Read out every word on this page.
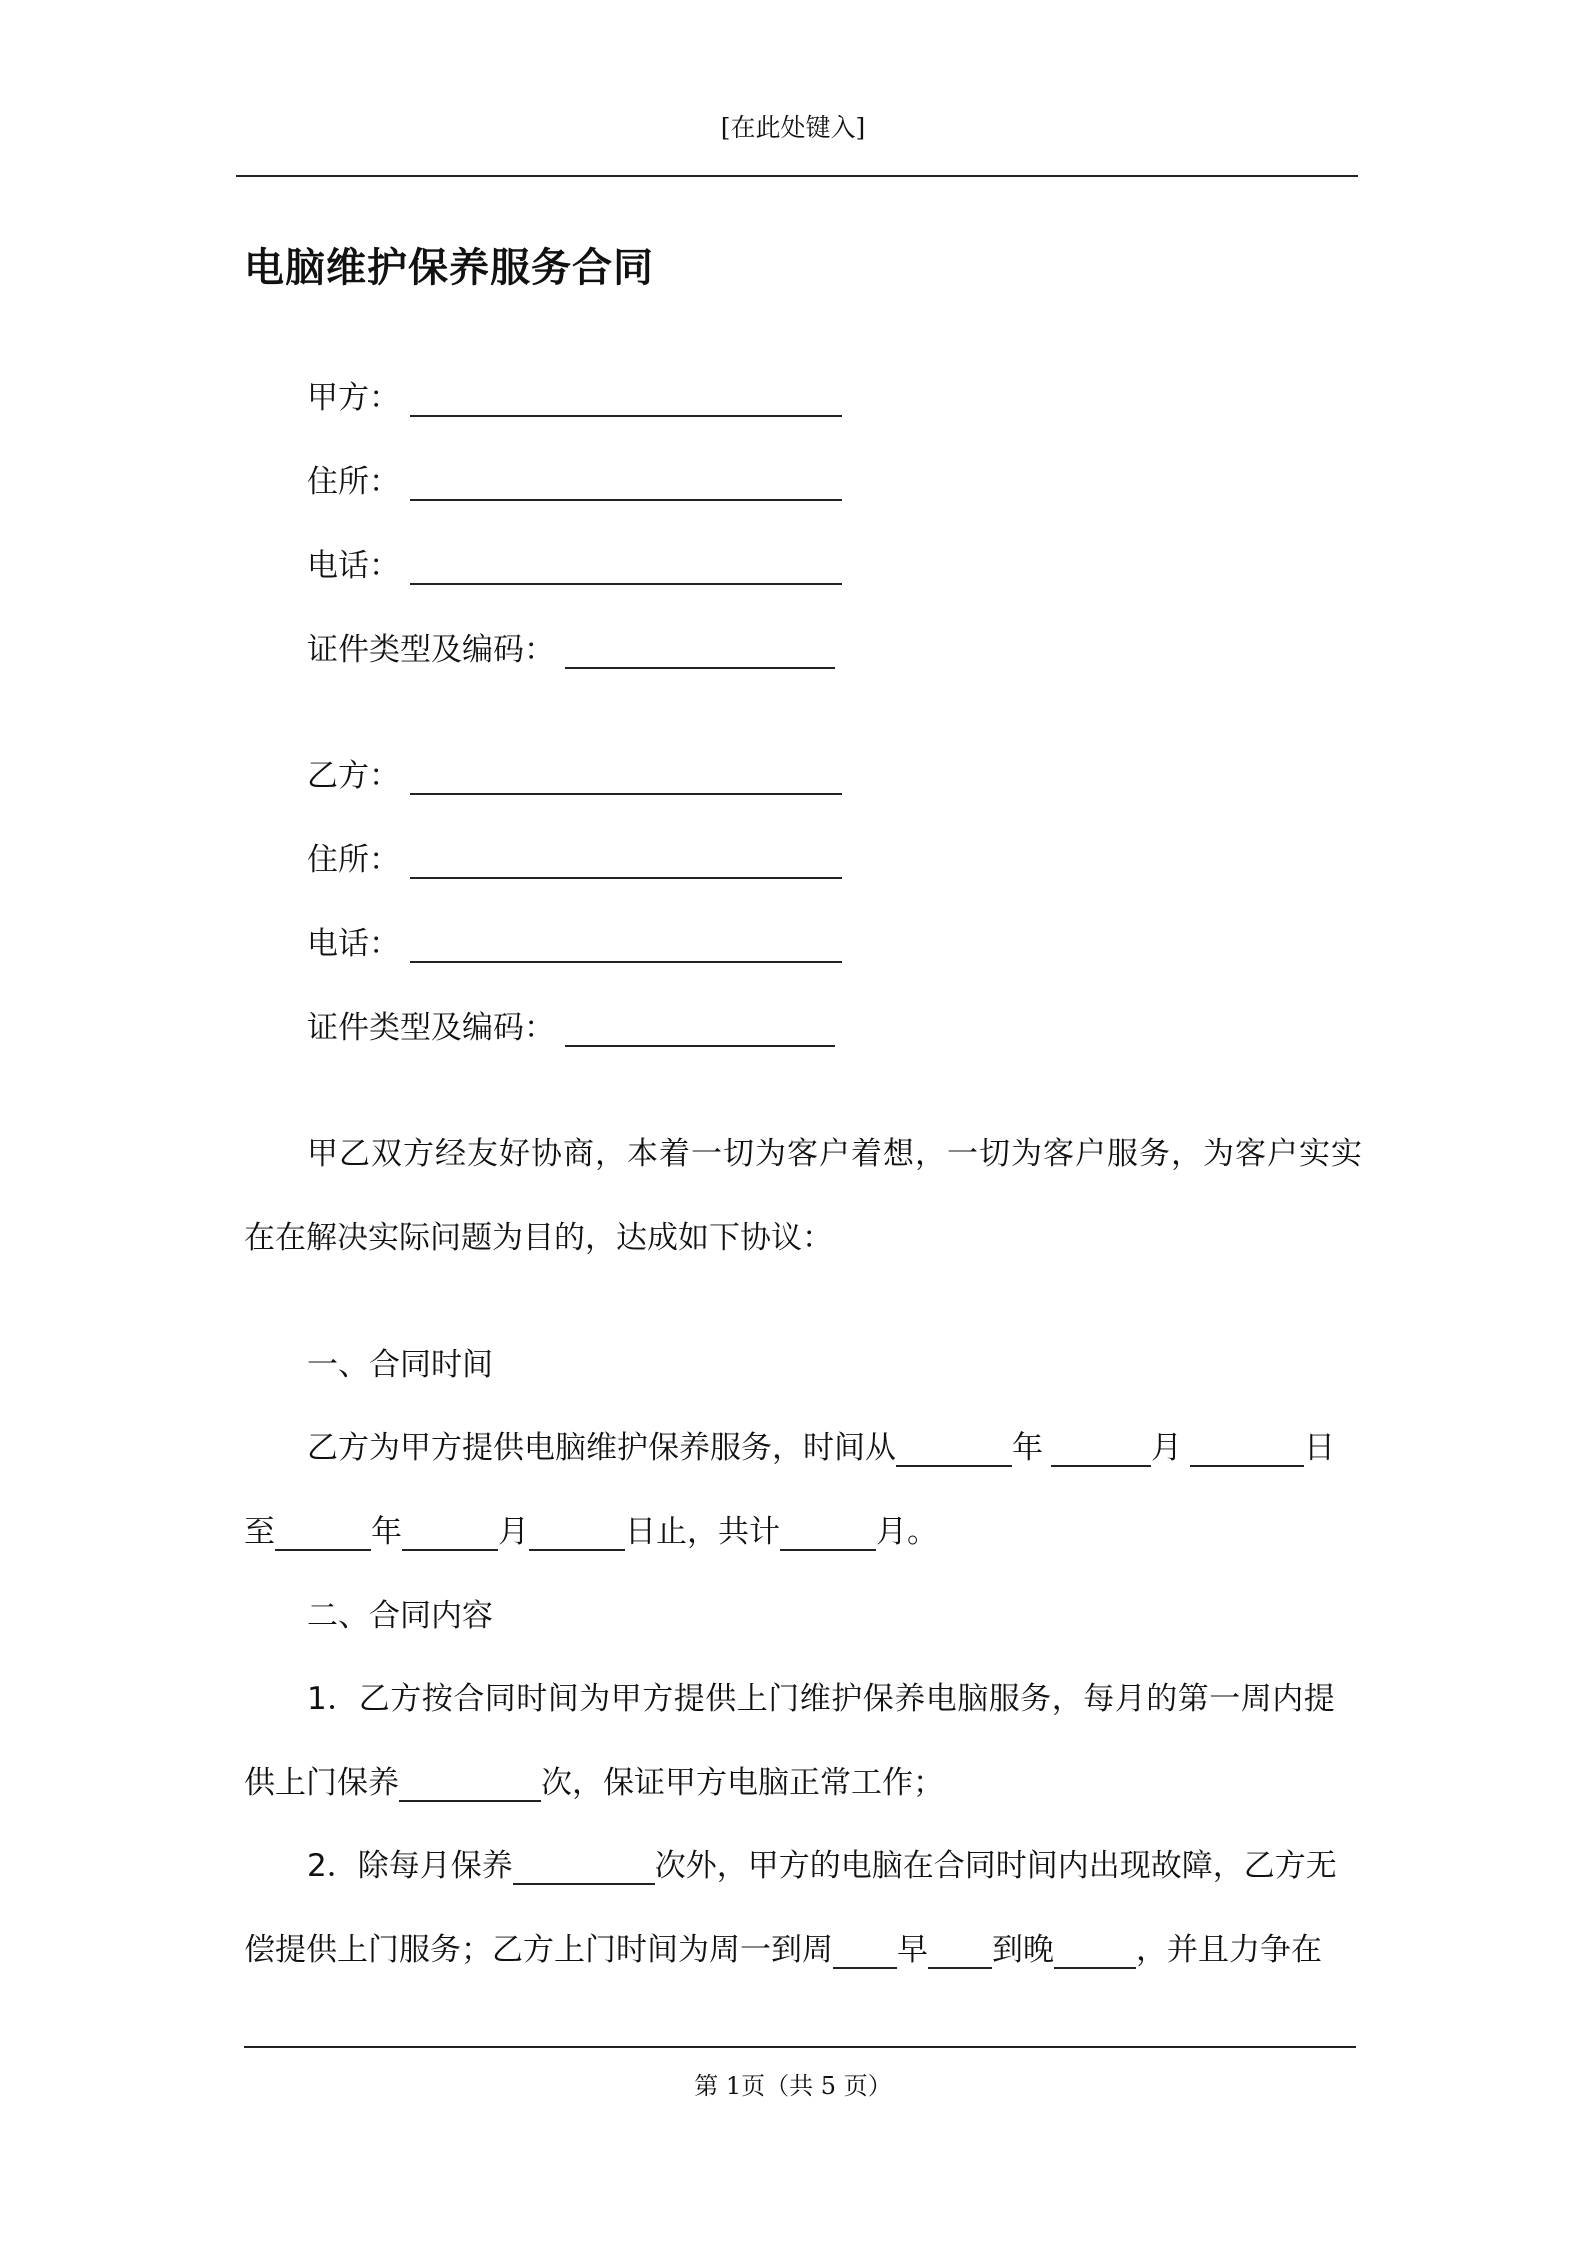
[在此处键入]
电脑维护保养服务合同
甲方：
住所：
电话：
证件类型及编码：
乙方：
住所：
电话：
证件类型及编码：
甲乙双方经友好协商，本着一切为客户着想，一切为客户服务，为客户实实
在在解决实际问题为目的，达成如下协议：
一、合同时间
乙方为甲方提供电脑维护保养服务，时间从	年	月	日
至	年	月	日止，共计	月。
二、合同内容
1．乙方按合同时间为甲方提供上门维护保养电脑服务，每月的第一周内提
供上门保养	次，保证甲方电脑正常工作；
2．除每月保养	次外，甲方的电脑在合同时间内出现故障，乙方无
偿提供上门服务；乙方上门时间为周一到周 早 到晚	，并且力争在
第 1页（共 5 页）
